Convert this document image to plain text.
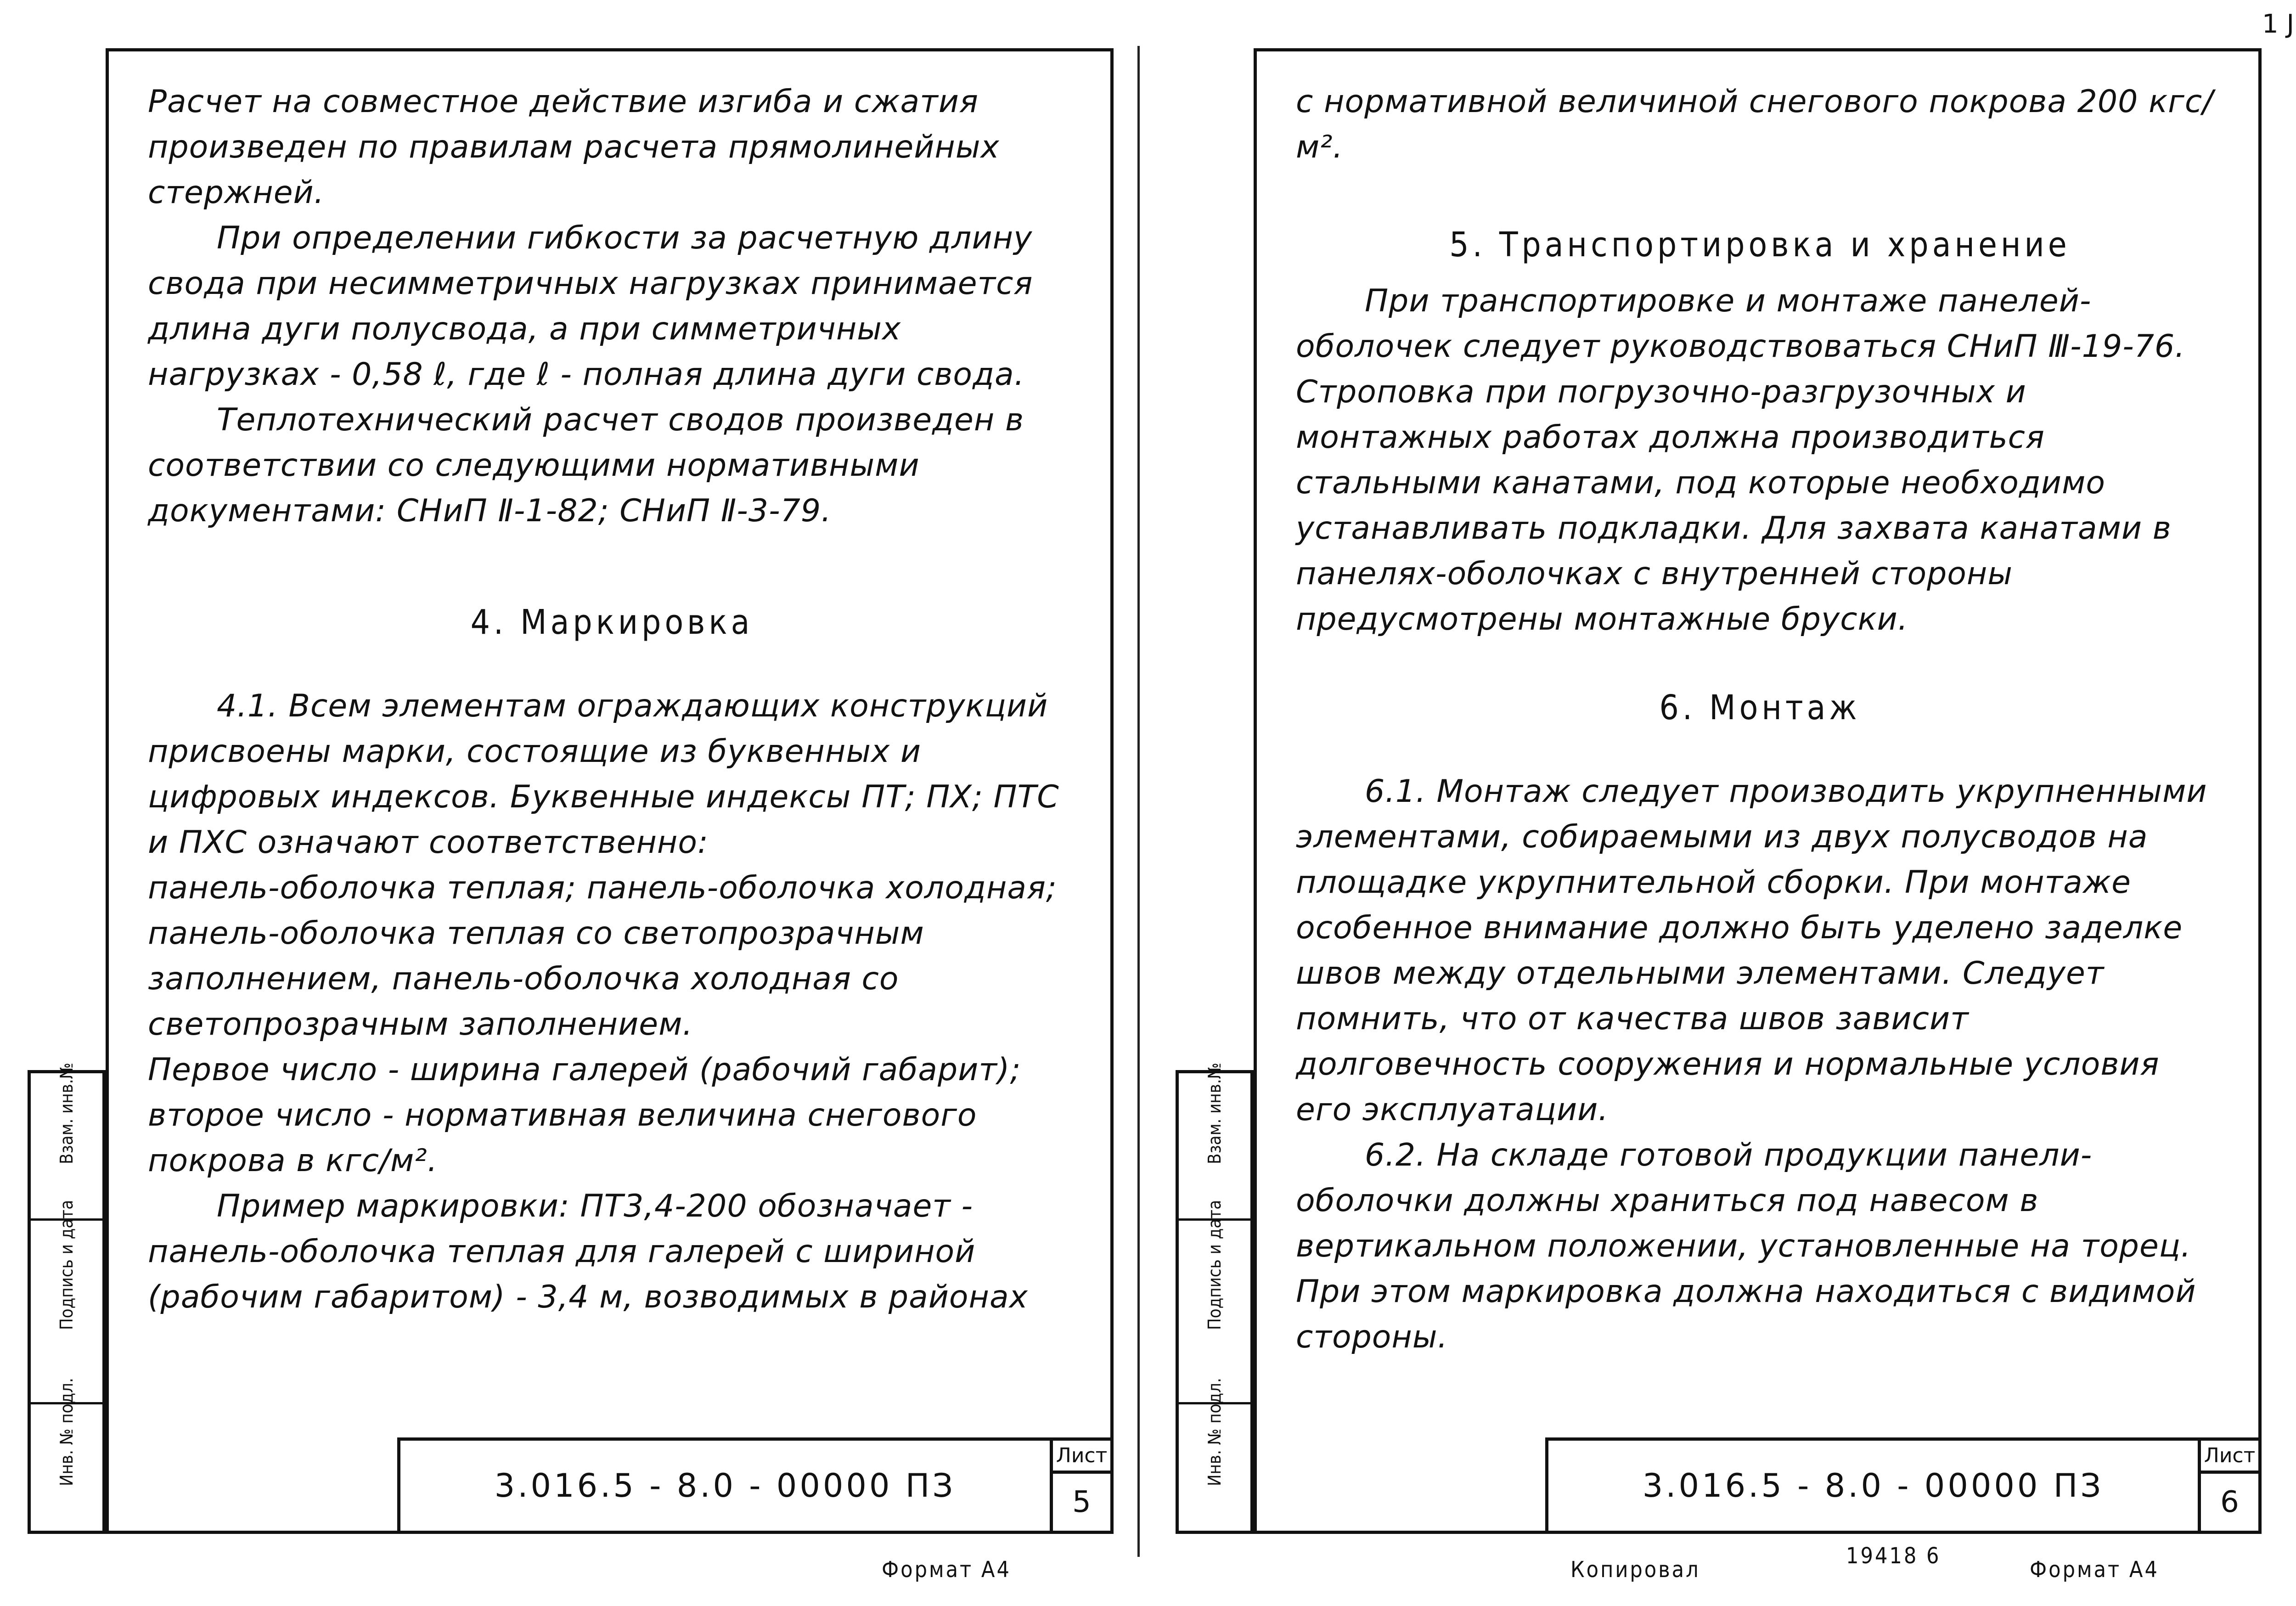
1 J

Расчет на совместное действие изгиба и сжатия произведен по правилам расчета прямолинейных стержней.

При определении гибкости за расчетную длину свода при несимметричных нагрузках принимается длина дуги полусвода, а при симметричных нагрузках - 0,58 ℓ, где ℓ - полная длина дуги свода.

Теплотехнический расчет сводов произведен в соответствии со следующими нормативными документами: СНиП Ⅱ-1-82; СНиП Ⅱ-3-79.

4. Маркировка

4.1. Всем элементам ограждающих конструкций присвоены марки, состоящие из буквенных и цифровых индексов. Буквенные индексы ПТ; ПХ; ПТС и ПХС означают соответственно:

панель-оболочка теплая; панель-оболочка холодная; панель-оболочка теплая со светопрозрачным заполнением, панель-оболочка холодная со светопрозрачным заполнением.

Первое число - ширина галерей (рабочий габарит); второе число - нормативная величина снегового покрова в кгс/м².

Пример маркировки: ПТ3,4-200 обозначает - панель-оболочка теплая для галерей с шириной (рабочим габаритом) - 3,4 м, возводимых в районах

3.016.5 - 8.0 - 00000 ПЗ
Лист
5
Инв. № подл.
Подпись и дата
Взам. инв.№
Формат А4

с нормативной величиной снегового покрова 200 кгс/м².

5. Транспортировка и хранение

При транспортировке и монтаже панелей-оболочек следует руководствоваться СНиП Ⅲ-19-76. Строповка при погрузочно-разгрузочных и монтажных работах должна производиться стальными канатами, под которые необходимо устанавливать подкладки. Для захвата канатами в панелях-оболочках с внутренней стороны предусмотрены монтажные бруски.

6. Монтаж

6.1. Монтаж следует производить укрупненными элементами, собираемыми из двух полусводов на площадке укрупнительной сборки. При монтаже особенное внимание должно быть уделено заделке швов между отдельными элементами. Следует помнить, что от качества швов зависит долговечность сооружения и нормальные условия его эксплуатации.

6.2. На складе готовой продукции панели-оболочки должны храниться под навесом в вертикальном положении, установленные на торец. При этом маркировка должна находиться с видимой стороны.

3.016.5 - 8.0 - 00000 ПЗ
Лист
6
Инв. № подл.
Подпись и дата
Взам. инв.№
Копировал
19418 6
Формат А4
